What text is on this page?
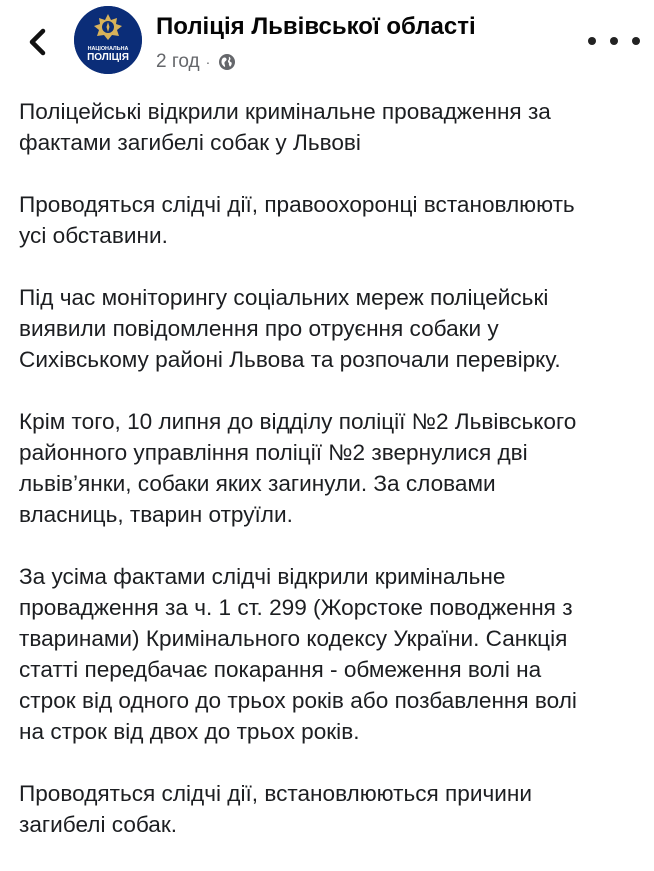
НАЦІОНАЛЬНА
ПОЛІЦІЯ
Поліція Львівської області
2 год ·

Поліцейські відкрили кримінальне провадження за
фактами загибелі собак у Львові

Проводяться слідчі дії, правоохоронці встановлюють
усі обставини.

Під час моніторингу соціальних мереж поліцейські
виявили повідомлення про отруєння собаки у
Сихівському районі Львова та розпочали перевірку.

Крім того, 10 липня до відділу поліції №2 Львівського
районного управління поліції №2 звернулися дві
львів’янки, собаки яких загинули. За словами
власниць, тварин отруїли.

За усіма фактами слідчі відкрили кримінальне
провадження за ч. 1 ст. 299 (Жорстоке поводження з
тваринами) Кримінального кодексу України. Санкція
статті передбачає покарання - обмеження волі на
строк від одного до трьох років або позбавлення волі
на строк від двох до трьох років.

Проводяться слідчі дії, встановлюються причини
загибелі собак.
